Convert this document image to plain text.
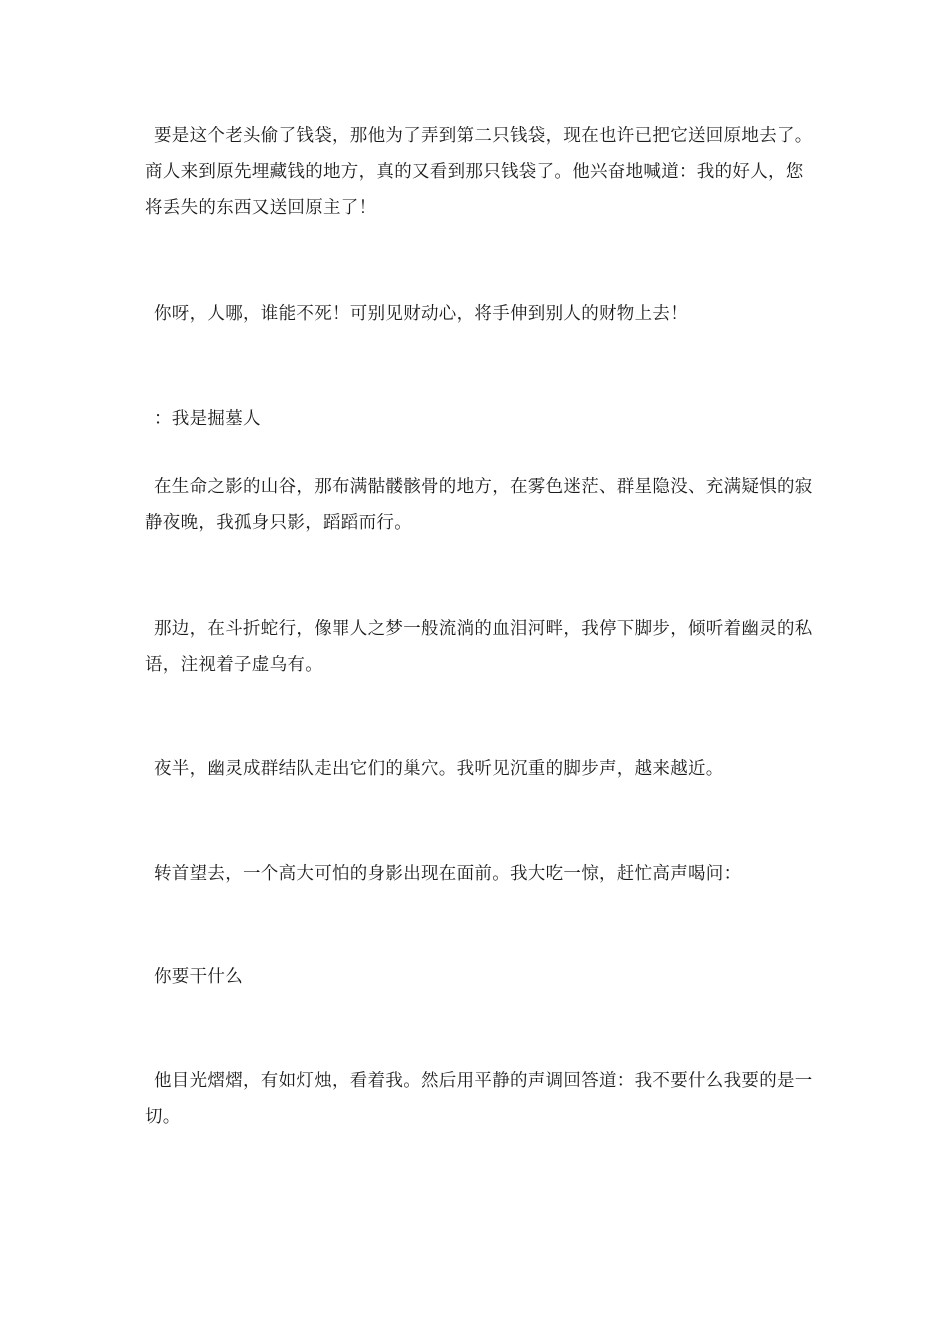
要是这个老头偷了钱袋，那他为了弄到第二只钱袋，现在也许已把它送回原地去了。商人来到原先埋藏钱的地方，真的又看到那只钱袋了。他兴奋地喊道：我的好人，您将丢失的东西又送回原主了！

你呀，人哪，谁能不死！可别见财动心，将手伸到别人的财物上去！

：我是掘墓人

在生命之影的山谷，那布满骷髅骸骨的地方，在雾色迷茫、群星隐没、充满疑惧的寂静夜晚，我孤身只影，蹈蹈而行。

那边，在斗折蛇行，像罪人之梦一般流淌的血泪河畔，我停下脚步，倾听着幽灵的私语，注视着子虚乌有。

夜半，幽灵成群结队走出它们的巢穴。我听见沉重的脚步声，越来越近。

转首望去，一个高大可怕的身影出现在面前。我大吃一惊，赶忙高声喝问：

你要干什么

他目光熠熠，有如灯烛，看着我。然后用平静的声调回答道：我不要什么我要的是一切。
